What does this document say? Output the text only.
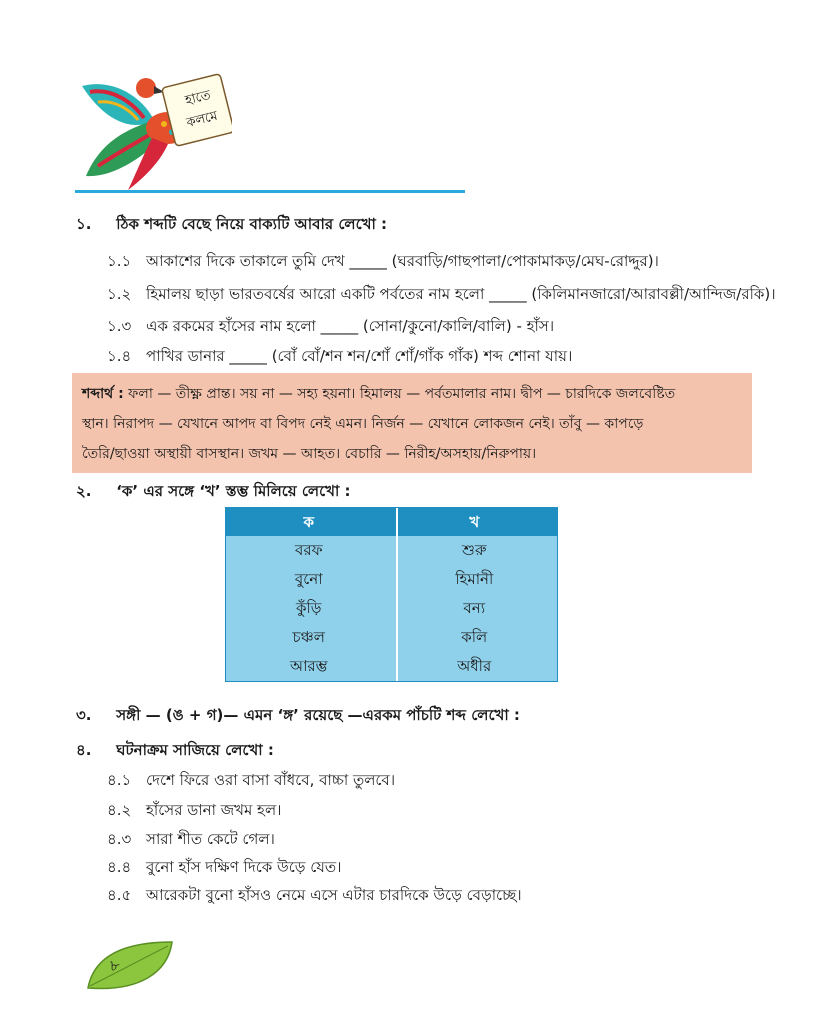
হাতে
কলমে
১. ঠিক শব্দটি বেছে নিয়ে বাক্যটি আবার লেখো :
১.১ আকাশের দিকে তাকালে তুমি দেখ _____ (ঘরবাড়ি/গাছপালা/পোকামাকড়/মেঘ-রোদ্দুর)।
১.২ হিমালয় ছাড়া ভারতবর্ষের আরো একটি পর্বতের নাম হলো _____ (কিলিমানজারো/আরাবল্লী/আন্দিজ/রকি)।
১.৩ এক রকমের হাঁসের নাম হলো _____ (সোনা/কুনো/কালি/বালি) - হাঁস।
১.৪ পাখির ডানার _____ (বোঁ বোঁ/শন শন/শোঁ শোঁ/গাঁক গাঁক) শব্দ শোনা যায়।
শব্দার্থ : ফলা — তীক্ষ্ণ প্রান্ত। সয় না — সহ্য হয়না। হিমালয় — পর্বতমালার নাম। দ্বীপ — চারদিকে জলবেষ্টিত
স্থান। নিরাপদ — যেখানে আপদ বা বিপদ নেই এমন। নির্জন — যেখানে লোকজন নেই। তাঁবু — কাপড়ে
তৈরি/ছাওয়া অস্থায়ী বাসস্থান। জখম — আহত। বেচারি — নিরীহ/অসহায়/নিরুপায়।
২. ‘ক’ এর সঙ্গে ‘খ’ স্তম্ভ মিলিয়ে লেখো :
ক	খ
বরফ	শুরু
বুনো	হিমানী
কুঁড়ি	বন্য
চঞ্চল	কলি
আরম্ভ	অধীর
৩. সঙ্গী — (ঙ + গ)— এমন ‘ঙ্গ’ রয়েছে —এরকম পাঁচটি শব্দ লেখো :
৪. ঘটনাক্রম সাজিয়ে লেখো :
৪.১ দেশে ফিরে ওরা বাসা বাঁধবে, বাচ্চা তুলবে।
৪.২ হাঁসের ডানা জখম হল।
৪.৩ সারা শীত কেটে গেল।
৪.৪ বুনো হাঁস দক্ষিণ দিকে উড়ে যেত।
৪.৫ আরেকটা বুনো হাঁসও নেমে এসে এটার চারদিকে উড়ে বেড়াচ্ছে।
৮
